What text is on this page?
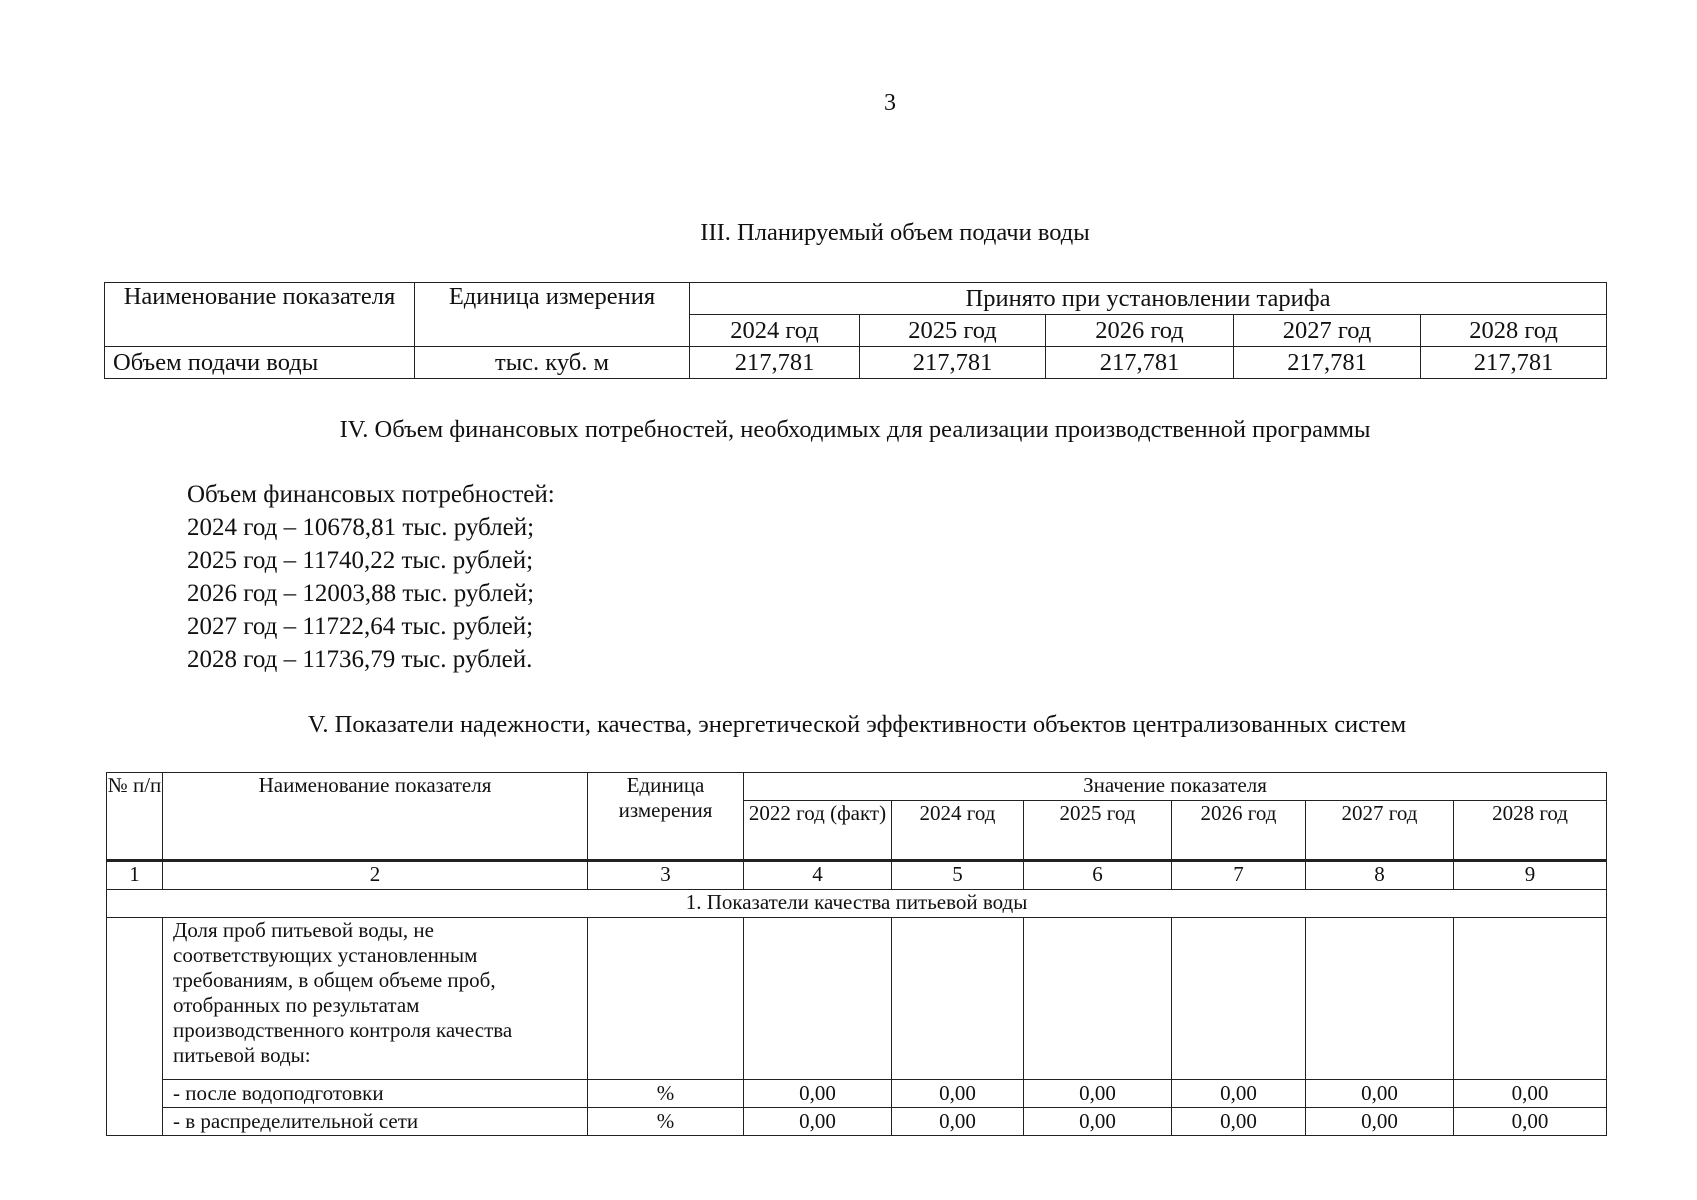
3
III. Планируемый объем подачи воды
Наименование показателя	Единица измерения	Принято при установлении тарифа				
		2024 год	2025 год	2026 год	2027 год	2028 год
Объем подачи воды	тыс. куб. м	217,781	217,781	217,781	217,781	217,781
IV. Объем финансовых потребностей, необходимых для реализации производственной программы
Объем финансовых потребностей:
2024 год – 10678,81 тыс. рублей;
2025 год – 11740,22 тыс. рублей;
2026 год – 12003,88 тыс. рублей;
2027 год – 11722,64 тыс. рублей;
2028 год – 11736,79 тыс. рублей.
V. Показатели надежности, качества, энергетической эффективности объектов централизованных систем
№ п/п	Наименование показателя	Единица измерения	Значение показателя					
			2022 год (факт)	2024 год	2025 год	2026 год	2027 год	2028 год
1	2	3	4	5	6	7	8	9
1. Показатели качества питьевой воды								
	Доля проб питьевой воды, не соответствующих установленным требованиям, в общем объеме проб, отобранных по результатам производственного контроля качества питьевой воды:							
	- после водоподготовки	%	0,00	0,00	0,00	0,00	0,00	0,00
	- в распределительной сети	%	0,00	0,00	0,00	0,00	0,00	0,00
